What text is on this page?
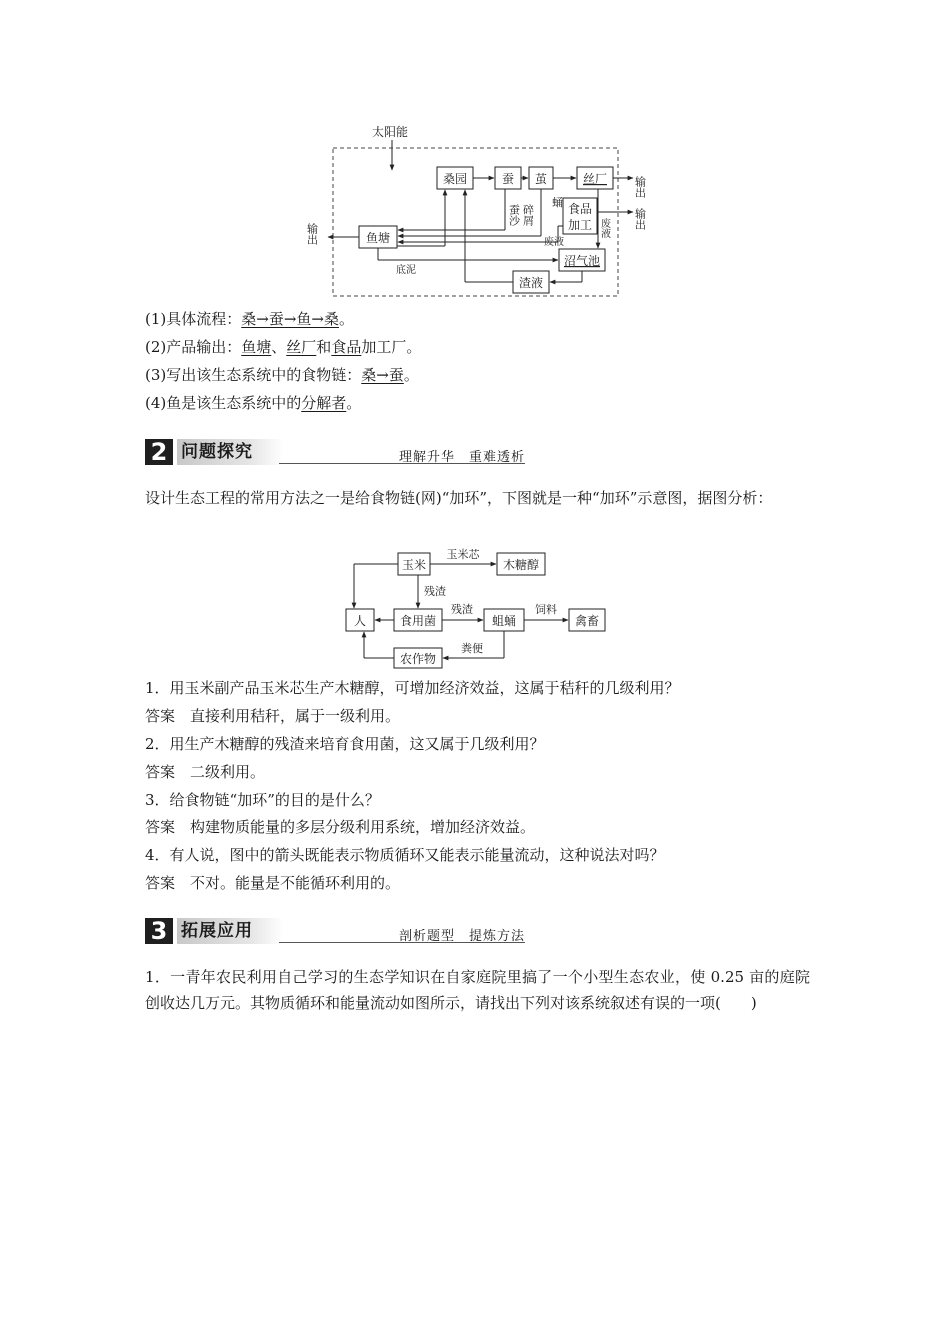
太阳能
桑园	蚕 茧	丝厂
食品
加工
鱼塘
沼气池
渣液
输出
输出
输出
蚕沙 碎屑
蛹
废液
废液
底泥
(1)具体流程：桑→蚕→鱼→桑。
(2)产品输出：鱼塘、丝厂和食品加工厂。
(3)写出该生态系统中的食物链：桑→蚕。
(4)鱼是该生态系统中的分解者。
2 问题探究	理解升华　重难透析
设计生态工程的常用方法之一是给食物链(网)“加环”，下图就是一种“加环”示意图，据图分析：
玉米	木糖醇
玉米芯
人	食用菌	蛆蛹	禽畜
农作物
残渣
残渣	饲料
粪便
1．用玉米副产品玉米芯生产木糖醇，可增加经济效益，这属于秸秆的几级利用？
答案　直接利用秸秆，属于一级利用。
2．用生产木糖醇的残渣来培育食用菌，这又属于几级利用？
答案　二级利用。
3．给食物链“加环”的目的是什么？
答案　构建物质能量的多层分级利用系统，增加经济效益。
4．有人说，图中的箭头既能表示物质循环又能表示能量流动，这种说法对吗？
答案　不对。能量是不能循环利用的。
3 拓展应用	剖析题型　提炼方法
1．一青年农民利用自己学习的生态学知识在自家庭院里搞了一个小型生态农业，使 0.25 亩的庭院创收达几万元。其物质循环和能量流动如图所示，请找出下列对该系统叙述有误的一项(　　)
